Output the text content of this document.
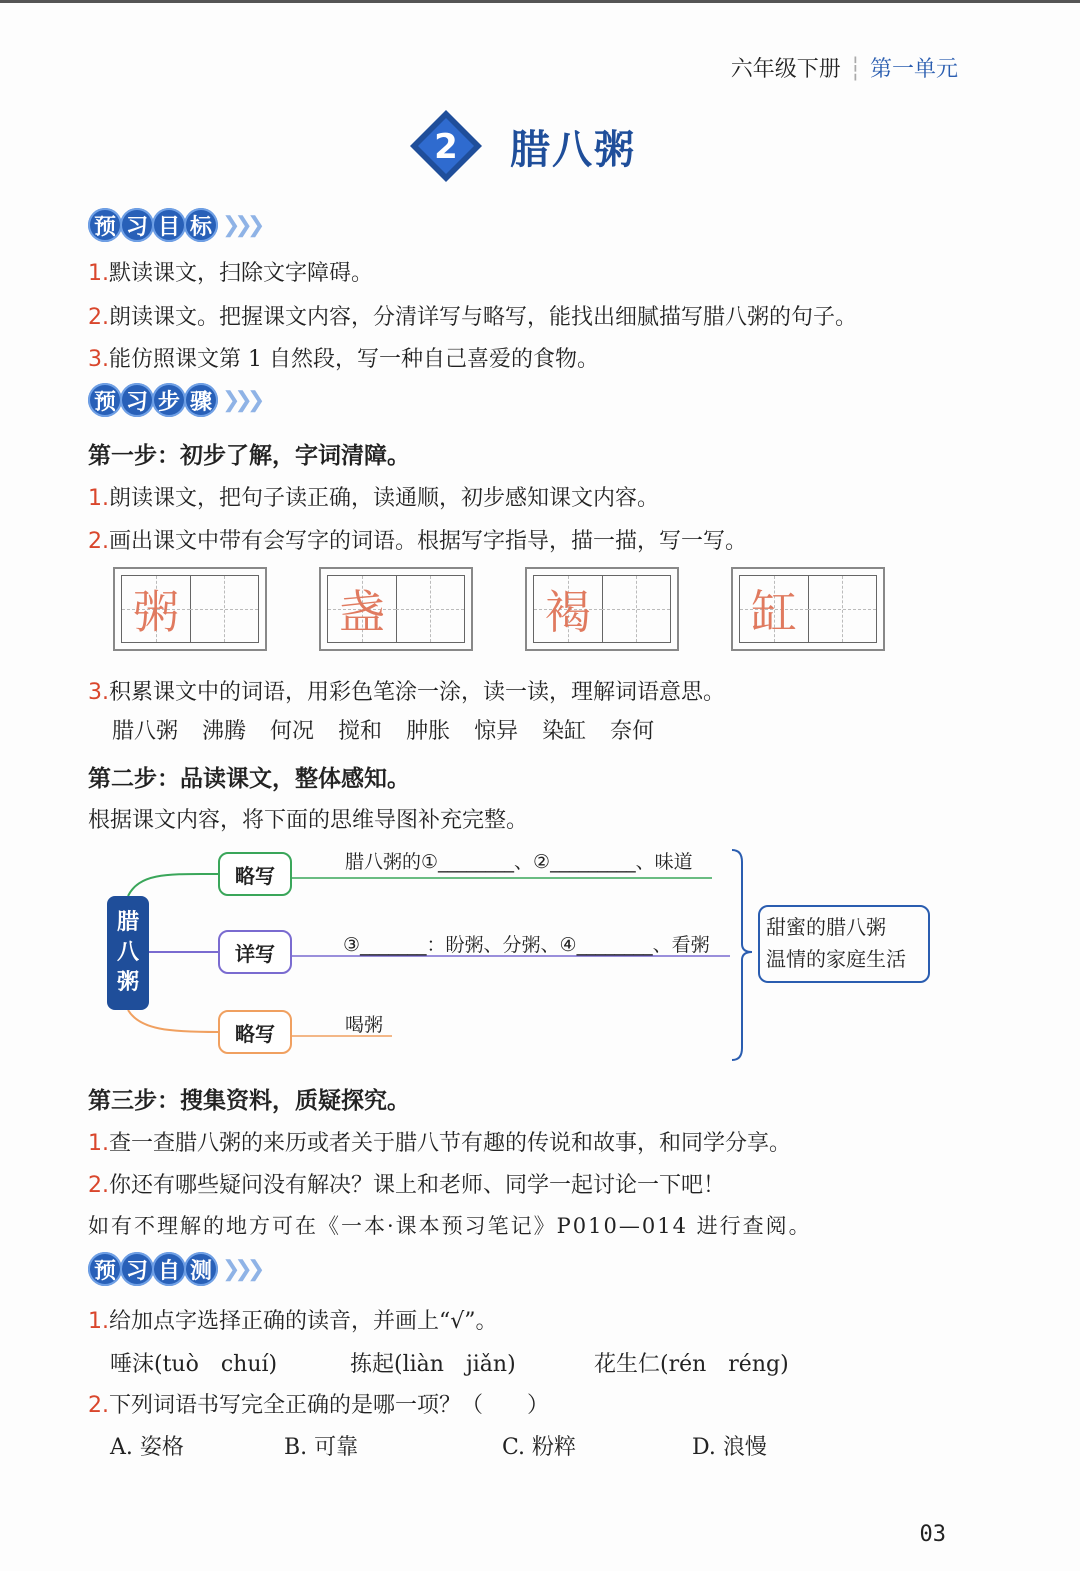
六年级下册 ┆ 第一单元
2 腊八粥
预 习 目 标 ❯❯❯
1.默读课文，扫除文字障碍。
2.朗读课文。把握课文内容，分清详写与略写，能找出细腻描写腊八粥的句子。
3.能仿照课文第 1 自然段，写一种自己喜爱的食物。
预 习 步 骤 ❯❯❯
第一步：初步了解，字词清障。
1.朗读课文，把句子读正确，读通顺，初步感知课文内容。
2.画出课文中带有会写字的词语。根据写字指导，描一描，写一写。
粥	盏	褐	缸
3.积累课文中的词语，用彩色笔涂一涂，读一读，理解词语意思。
腊八粥 沸腾 何况 搅和 肿胀 惊异 染缸 奈何
第二步：品读课文，整体感知。
根据课文内容，将下面的思维导图补充完整。
腊
八
粥
略写
详写
略写
腊八粥的①________、②_________、味道
③_______：盼粥、分粥、④________、看粥
喝粥
甜蜜的腊八粥
温情的家庭生活
第三步：搜集资料，质疑探究。
1.查一查腊八粥的来历或者关于腊八节有趣的传说和故事，和同学分享。
2.你还有哪些疑问没有解决？课上和老师、同学一起讨论一下吧！
如有不理解的地方可在《一本·课本预习笔记》P010—014 进行查阅。
预 习 自 测 ❯❯❯
1.给加点字选择正确的读音，并画上“√”。
唾沫(tuò　chuí)	拣起(liàn　jiǎn)	花生仁(rén　réng)
2.下列词语书写完全正确的是哪一项？（　　）
A. 姿格	B. 可靠	C. 粉粹	D. 浪慢
03
